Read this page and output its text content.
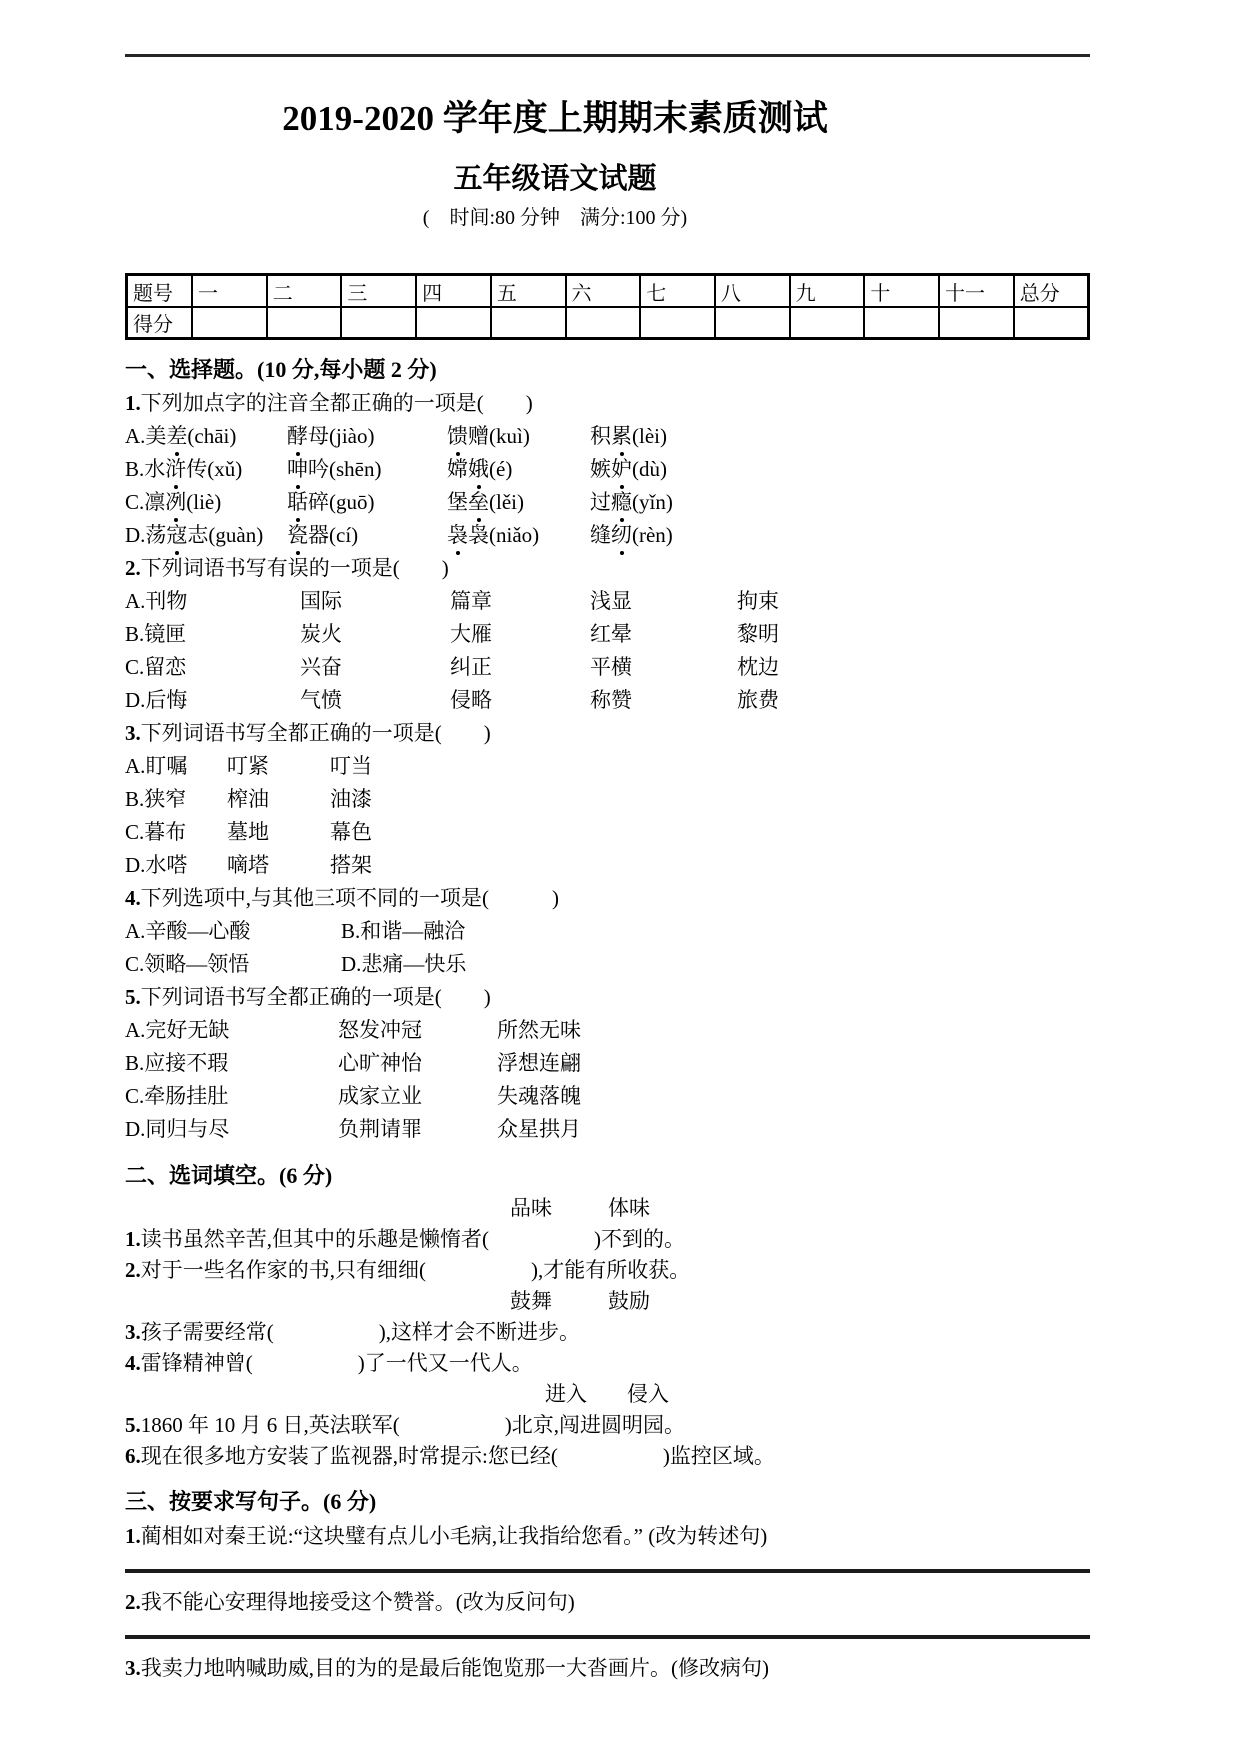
2019-2020 学年度上期期末素质测试
五年级语文试题
(　时间:80 分钟　满分:100 分)
题号	一	二	三	四	五	六	七	八	九	十	十一	总分
得分												
一、选择题。(10 分,每小题 2 分)
1.下列加点字的注音全都正确的一项是(　　)
A.美差(chāi)	酵母(jiào)	馈赠(kuì)	积累(lèi)
B.水浒传(xǔ)	呻吟(shēn)	嫦娥(é)	嫉妒(dù)
C.凛冽(liè)	聒碎(guō)	堡垒(lěi)	过瘾(yǐn)
D.荡寇志(guàn)	瓷器(cí)	袅袅(niǎo)	缝纫(rèn)
2.下列词语书写有误的一项是(　　)
A.刊物	国际	篇章	浅显	拘束
B.镜匣	炭火	大雁	红晕	黎明
C.留恋	兴奋	纠正	平横	枕边
D.后悔	气愤	侵略	称赞	旅费
3.下列词语书写全都正确的一项是(　　)
A.盯嘱	叮紧	叮当
B.狭窄	榨油	油漆
C.暮布	墓地	幕色
D.水嗒	嘀塔	搭架
4.下列选项中,与其他三项不同的一项是(　　　)
A.辛酸—心酸	B.和谐—融洽
C.领略—领悟	D.悲痛—快乐
5.下列词语书写全都正确的一项是(　　)
A.完好无缺	怒发冲冠	所然无味
B.应接不瑕	心旷神怡	浮想连翩
C.牵肠挂肚	成家立业	失魂落魄
D.同归与尽	负荆请罪	众星拱月
二、选词填空。(6 分)
品味	体味
1.读书虽然辛苦,但其中的乐趣是懒惰者(　　　　　)不到的。
2.对于一些名作家的书,只有细细(　　　　　),才能有所收获。
鼓舞	鼓励
3.孩子需要经常(　　　　　),这样才会不断进步。
4.雷锋精神曾(　　　　　)了一代又一代人。
进入 侵入
5.1860 年 10 月 6 日,英法联军(　　　　　)北京,闯进圆明园。
6.现在很多地方安装了监视器,时常提示:您已经(　　　　　)监控区域。
三、按要求写句子。(6 分)
1.蔺相如对秦王说:“这块璧有点儿小毛病,让我指给您看。” (改为转述句)
2.我不能心安理得地接受这个赞誉。(改为反问句)
3.我卖力地呐喊助威,目的为的是最后能饱览那一大沓画片。(修改病句)
